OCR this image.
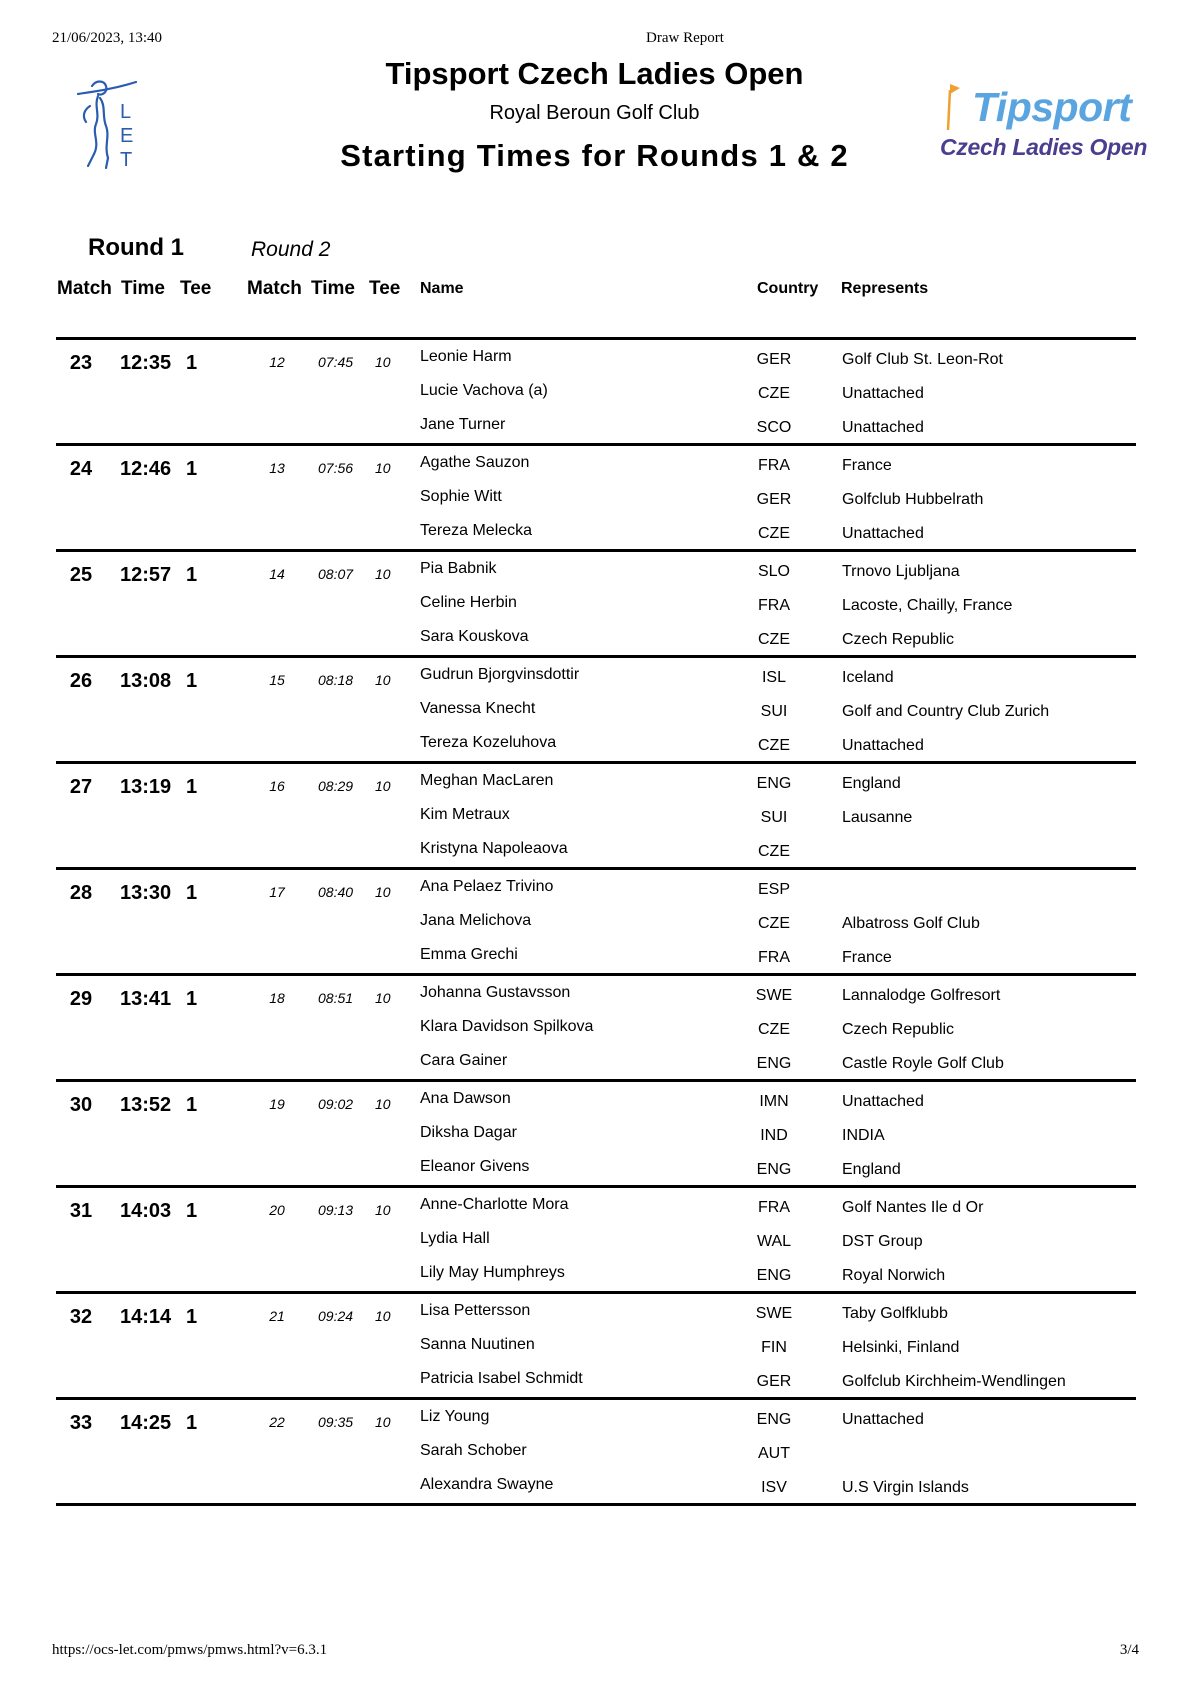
21/06/2023, 13:40	Draw Report
https://ocs-let.com/pmws/pmws.html?v=6.3.1	3/4
L
E
T
Tipsport
Czech Ladies Open
Tipsport Czech Ladies Open
Royal Beroun Golf Club
Starting Times for Rounds 1 & 2
Round 1	Round 2
Match Time Tee Match Time Tee Name	Country Represents
23 12:35 1	12	07:45 10 Leonie Harm	GER	Golf Club St. Leon-Rot
Lucie Vachova (a)	CZE	Unattached
Jane Turner	SCO	Unattached
24 12:46 1	13	07:56 10 Agathe Sauzon	FRA	France
Sophie Witt	GER	Golfclub Hubbelrath
Tereza Melecka	CZE	Unattached
25 12:57 1	14	08:07 10 Pia Babnik	SLO	Trnovo Ljubljana
Celine Herbin	FRA	Lacoste, Chailly, France
Sara Kouskova	CZE	Czech Republic
26 13:08 1	15	08:18 10 Gudrun Bjorgvinsdottir	ISL	Iceland
Vanessa Knecht	SUI	Golf and Country Club Zurich
Tereza Kozeluhova	CZE	Unattached
27 13:19 1	16	08:29 10 Meghan MacLaren	ENG	England
Kim Metraux	SUI	Lausanne
Kristyna Napoleaova	CZE
28 13:30 1	17	08:40 10 Ana Pelaez Trivino	ESP
Jana Melichova	CZE	Albatross Golf Club
Emma Grechi	FRA	France
29 13:41 1	18	08:51 10 Johanna Gustavsson	SWE	Lannalodge Golfresort
Klara Davidson Spilkova	CZE	Czech Republic
Cara Gainer	ENG	Castle Royle Golf Club
30 13:52 1	19	09:02 10 Ana Dawson	IMN	Unattached
Diksha Dagar	IND	INDIA
Eleanor Givens	ENG	England
31 14:03 1	20	09:13 10 Anne-Charlotte Mora	FRA	Golf Nantes Ile d Or
Lydia Hall	WAL	DST Group
Lily May Humphreys	ENG	Royal Norwich
32 14:14 1	21	09:24 10 Lisa Pettersson	SWE	Taby Golfklubb
Sanna Nuutinen	FIN	Helsinki, Finland
Patricia Isabel Schmidt	GER	Golfclub Kirchheim-Wendlingen
33 14:25 1	22	09:35 10 Liz Young	ENG	Unattached
Sarah Schober	AUT
Alexandra Swayne	ISV	U.S Virgin Islands
